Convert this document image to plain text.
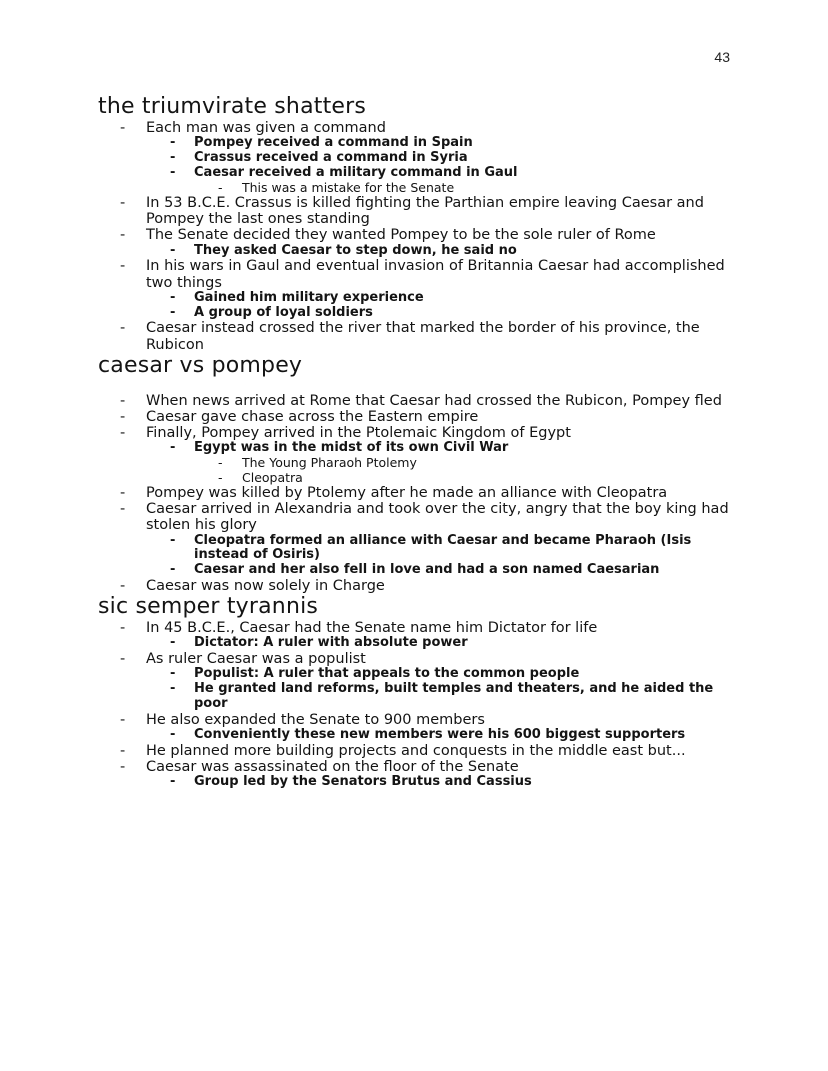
43
the triumvirate shatters
- Each man was given a command
- Pompey received a command in Spain
- Crassus received a command in Syria
- Caesar received a military command in Gaul
- This was a mistake for the Senate
- In 53 B.C.E. Crassus is killed fighting the Parthian empire leaving Caesar and Pompey the last ones standing
- The Senate decided they wanted Pompey to be the sole ruler of Rome
- They asked Caesar to step down, he said no
- In his wars in Gaul and eventual invasion of Britannia Caesar had accomplished two things
- Gained him military experience
- A group of loyal soldiers
- Caesar instead crossed the river that marked the border of his province, the Rubicon
caesar vs pompey
- When news arrived at Rome that Caesar had crossed the Rubicon, Pompey fled
- Caesar gave chase across the Eastern empire
- Finally, Pompey arrived in the Ptolemaic Kingdom of Egypt
- Egypt was in the midst of its own Civil War
- The Young Pharaoh Ptolemy
- Cleopatra
- Pompey was killed by Ptolemy after he made an alliance with Cleopatra
- Caesar arrived in Alexandria and took over the city, angry that the boy king had stolen his glory
- Cleopatra formed an alliance with Caesar and became Pharaoh (Isis instead of Osiris)
- Caesar and her also fell in love and had a son named Caesarian
- Caesar was now solely in Charge
sic semper tyrannis
- In 45 B.C.E., Caesar had the Senate name him Dictator for life
- Dictator: A ruler with absolute power
- As ruler Caesar was a populist
- Populist: A ruler that appeals to the common people
- He granted land reforms, built temples and theaters, and he aided the poor
- He also expanded the Senate to 900 members
- Conveniently these new members were his 600 biggest supporters
- He planned more building projects and conquests in the middle east but...
- Caesar was assassinated on the floor of the Senate
- Group led by the Senators Brutus and Cassius
